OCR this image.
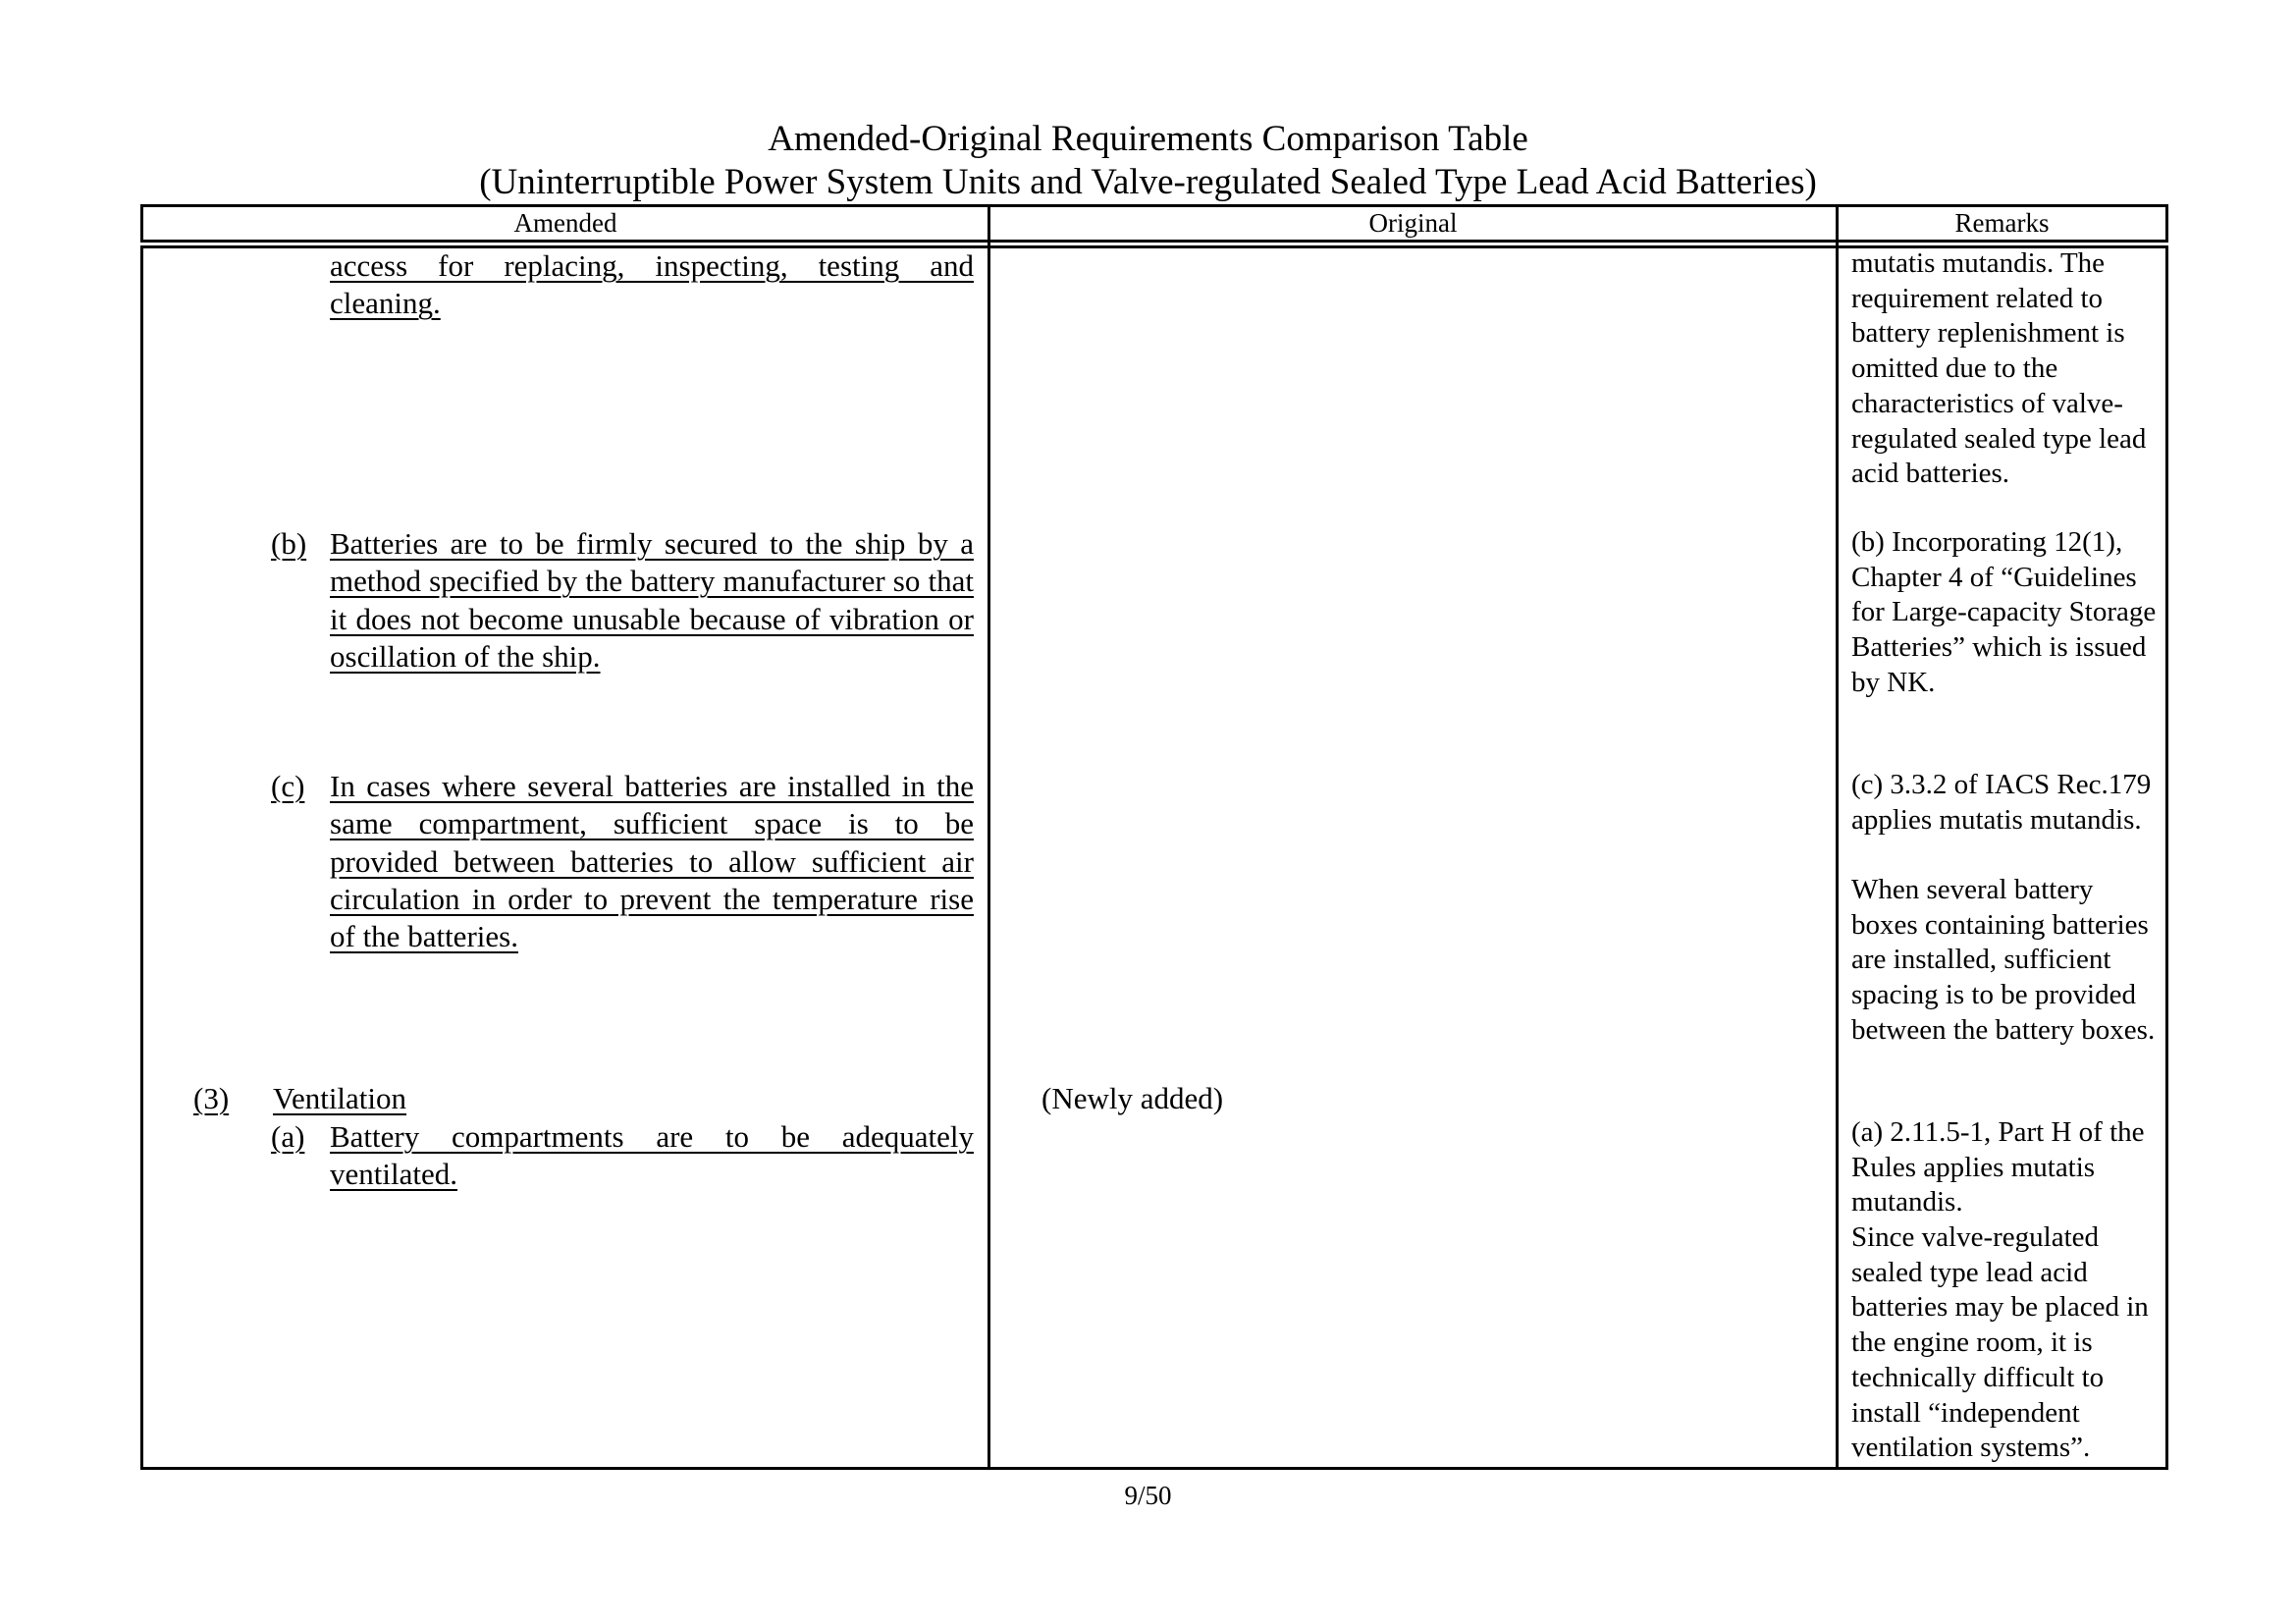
Amended-Original Requirements Comparison Table
(Uninterruptible Power System Units and Valve-regulated Sealed Type Lead Acid Batteries)
Amended	Original	Remarks
access for replacing, inspecting, testing and cleaning.
(b) Batteries are to be firmly secured to the ship by a method specified by the battery manufacturer so that it does not become unusable because of vibration or oscillation of the ship.
(c) In cases where several batteries are installed in the same compartment, sufficient space is to be provided between batteries to allow sufficient air circulation in order to prevent the temperature rise of the batteries.
(3) Ventilation
(a) Battery compartments are to be adequately ventilated.
(Newly added)
mutatis mutandis. The requirement related to battery replenishment is omitted due to the characteristics of valve-regulated sealed type lead acid batteries.
(b) Incorporating 12(1), Chapter 4 of “Guidelines for Large-capacity Storage Batteries” which is issued by NK.
(c) 3.3.2 of IACS Rec.179 applies mutatis mutandis.
When several battery boxes containing batteries are installed, sufficient spacing is to be provided between the battery boxes.
(a) 2.11.5-1, Part H of the Rules applies mutatis mutandis.
Since valve-regulated sealed type lead acid batteries may be placed in the engine room, it is technically difficult to install “independent ventilation systems”.
9/50
